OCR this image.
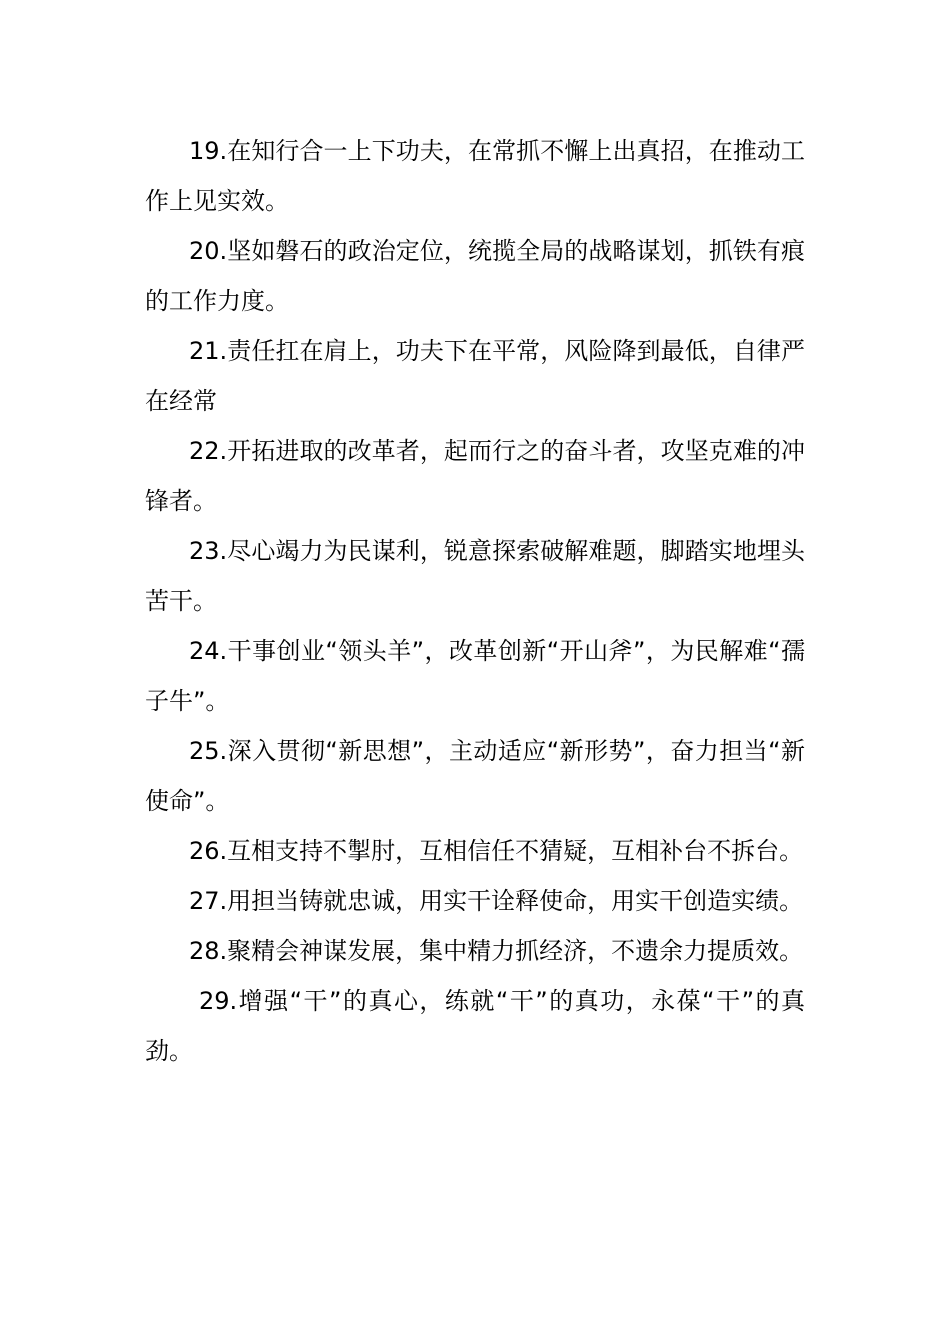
19.在知行合一上下功夫，在常抓不懈上出真招，在推动工作上见实效。

20.坚如磐石的政治定位，统揽全局的战略谋划，抓铁有痕的工作力度。

21.责任扛在肩上，功夫下在平常，风险降到最低，自律严在经常

22.开拓进取的改革者，起而行之的奋斗者，攻坚克难的冲锋者。

23.尽心竭力为民谋利，锐意探索破解难题，脚踏实地埋头苦干。

24.干事创业“领头羊”，改革创新“开山斧”，为民解难“孺子牛”。

25.深入贯彻“新思想”，主动适应“新形势”，奋力担当“新使命”。

26.互相支持不掣肘，互相信任不猜疑，互相补台不拆台。

27.用担当铸就忠诚，用实干诠释使命，用实干创造实绩。

28.聚精会神谋发展，集中精力抓经济，不遗余力提质效。

29.增强“干”的真心，练就“干”的真功，永葆“干”的真劲。
